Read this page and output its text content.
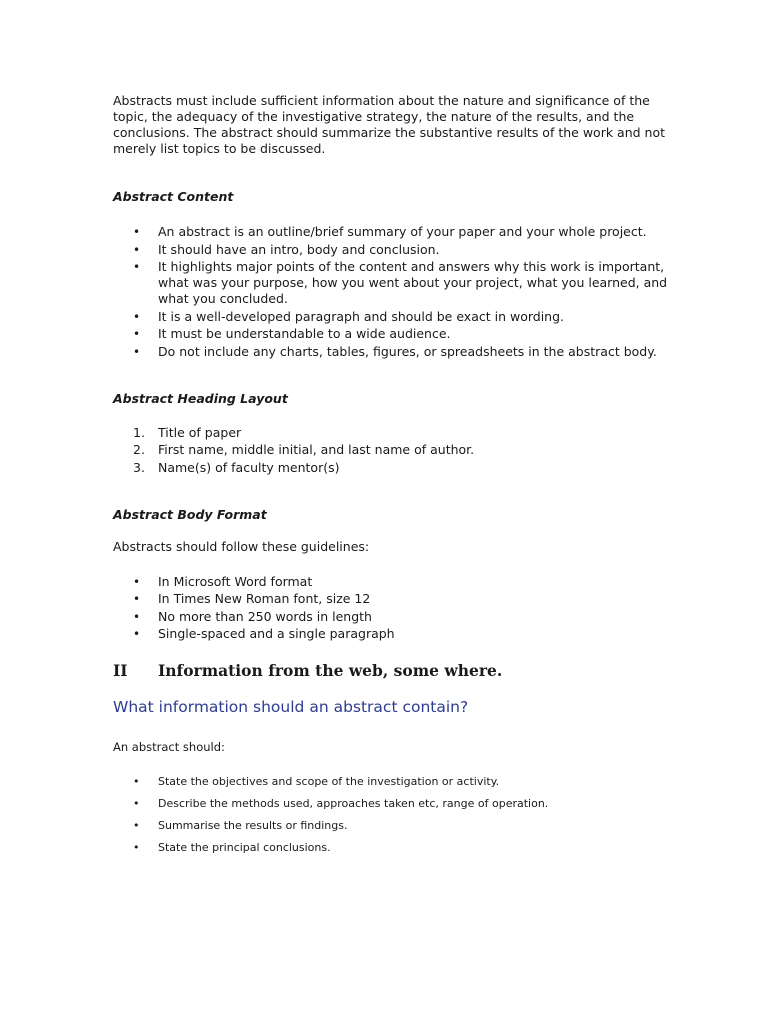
Abstracts must include sufficient information about the nature and significance of the topic, the adequacy of the investigative strategy, the nature of the results, and the conclusions. The abstract should summarize the substantive results of the work and not merely list topics to be discussed.

Abstract Content

• An abstract is an outline/brief summary of your paper and your whole project.
• It should have an intro, body and conclusion.
• It highlights major points of the content and answers why this work is important, what was your purpose, how you went about your project, what you learned, and what you concluded.
• It is a well-developed paragraph and should be exact in wording.
• It must be understandable to a wide audience.
• Do not include any charts, tables, figures, or spreadsheets in the abstract body.

Abstract Heading Layout

1. Title of paper
2. First name, middle initial, and last name of author.
3. Name(s) of faculty mentor(s)

Abstract Body Format

Abstracts should follow these guidelines:

• In Microsoft Word format
• In Times New Roman font, size 12
• No more than 250 words in length
• Single-spaced and a single paragraph
II	Information from the web, some where.

What information should an abstract contain?

An abstract should:

• State the objectives and scope of the investigation or activity.
• Describe the methods used, approaches taken etc, range of operation.
• Summarise the results or findings.
• State the principal conclusions.
